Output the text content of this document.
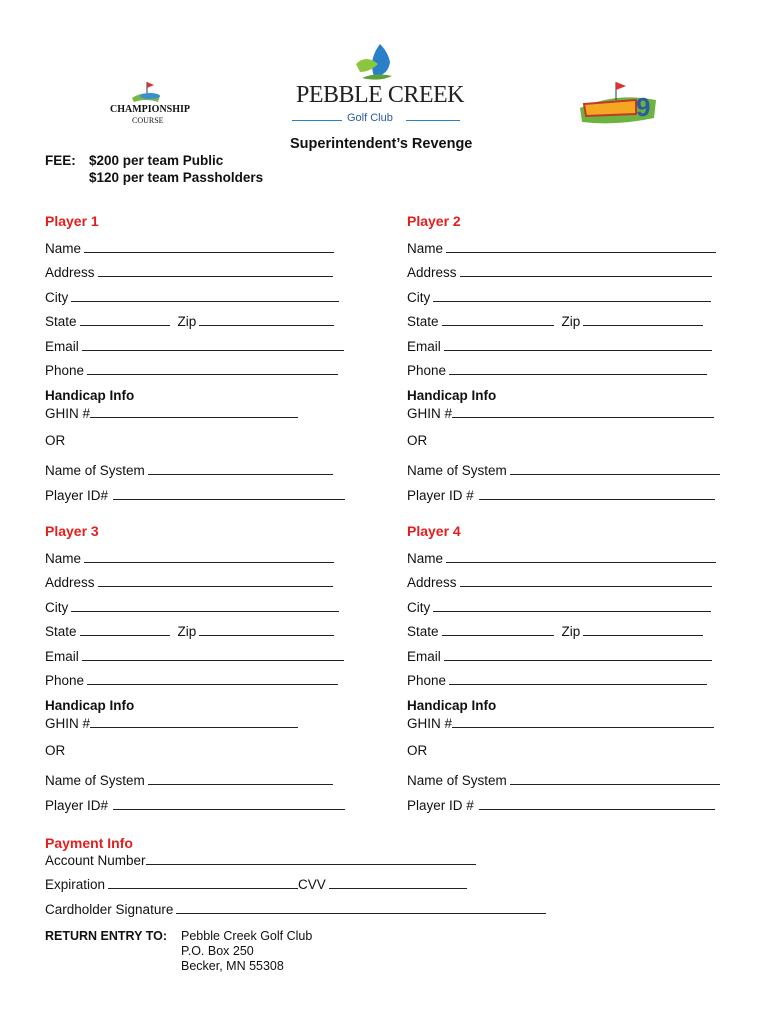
CHAMPIONSHIP
COURSE
PEBBLE CREEK
Golf Club	9
Superintendent’s Revenge
FEE: $200 per team Public
$120 per team Passholders
Player 1
Name
Address
City
State	Zip
Email
Phone
Handicap Info
GHIN #
OR
Name of System
Player ID#
Player 2
Name
Address
City
State	Zip
Email
Phone
Handicap Info
GHIN #
OR
Name of System
Player ID #
Player 3
Name
Address
City
State	Zip
Email
Phone
Handicap Info
GHIN #
OR
Name of System
Player ID#
Player 4
Name
Address
City
State	Zip
Email
Phone
Handicap Info
GHIN #
OR
Name of System
Player ID #
Payment Info
Account Number
Expiration	CVV
Cardholder Signature
RETURN ENTRY TO: Pebble Creek Golf Club
P.O. Box 250
Becker, MN 55308
